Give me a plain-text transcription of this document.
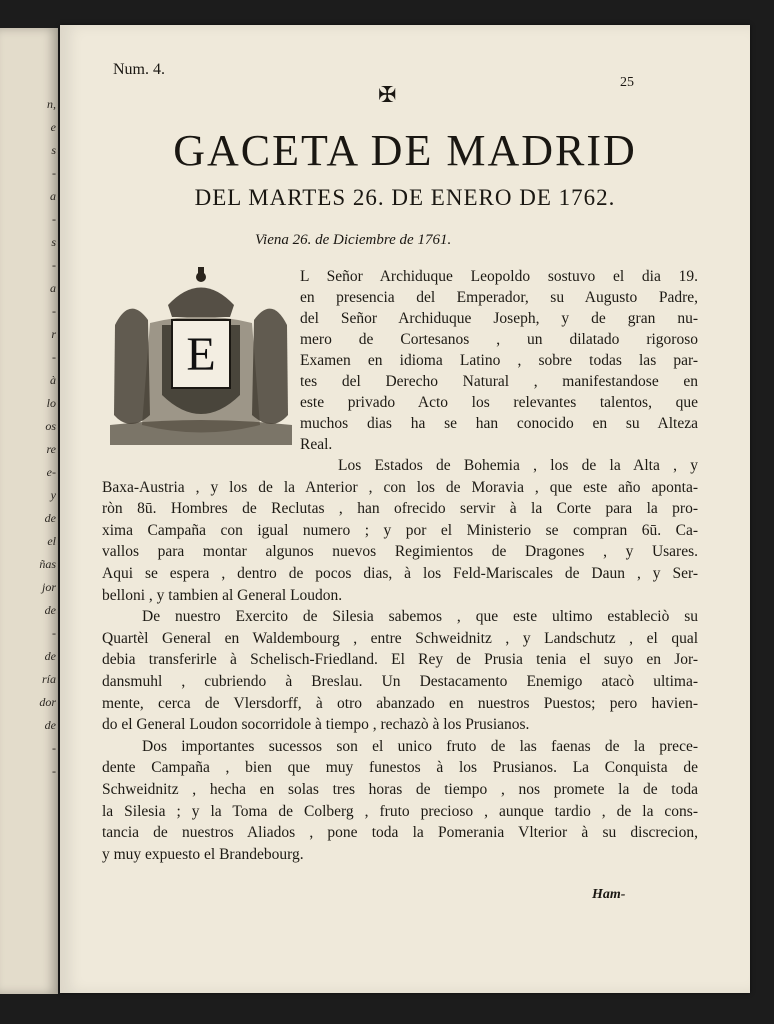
n,
e
s
-
a
-
s
-
a
-
r
-
à
lo
os
re
e-
y
de
el
ñas
jor
de
-
de
ría
dor
de
-
-
Num. 4.
25
✠
GACETA DE MADRID
DEL MARTES 26. DE ENERO DE 1762.
Viena 26. de Diciembre de 1761.
E
L Señor Archiduque Leopoldo sostuvo el dia 19.
en presencia del Emperador, su Augusto Padre,
del Señor Archiduque Joseph, y de gran nu-
mero de Cortesanos , un dilatado rigoroso
Examen en idioma Latino , sobre todas las par-
tes del Derecho Natural , manifestandose en
este privado Acto los relevantes talentos, que
muchos dias ha se han conocido en su Alteza
Real.
Los Estados de Bohemia , los de la Alta , y
Baxa-Austria , y los de la Anterior , con los de Moravia , que este año aponta-
ròn 8ū. Hombres de Reclutas , han ofrecido servir à la Corte para la pro-
xima Campaña con igual numero ; y por el Ministerio se compran 6ū. Ca-
vallos para montar algunos nuevos Regimientos de Dragones , y Usares.
Aqui se espera , dentro de pocos dias, à los Feld-Mariscales de Daun , y Ser-
belloni , y tambien al General Loudon.
De nuestro Exercito de Silesia sabemos , que este ultimo estableciò su
Quartèl General en Waldembourg , entre Schweidnitz , y Landschutz , el qual
debia transferirle à Schelisch-Friedland. El Rey de Prusia tenia el suyo en Jor-
dansmuhl , cubriendo à Breslau. Un Destacamento Enemigo atacò ultima-
mente, cerca de Vlersdorff, à otro abanzado en nuestros Puestos; pero havien-
do el General Loudon socorridole à tiempo , rechazò à los Prusianos.
Dos importantes sucessos son el unico fruto de las faenas de la prece-
dente Campaña , bien que muy funestos à los Prusianos. La Conquista de
Schweidnitz , hecha en solas tres horas de tiempo , nos promete la de toda
la Silesia ; y la Toma de Colberg , fruto precioso , aunque tardio , de la cons-
tancia de nuestros Aliados , pone toda la Pomerania Vlterior à su discrecion,
y muy expuesto el Brandebourg.
Ham-
